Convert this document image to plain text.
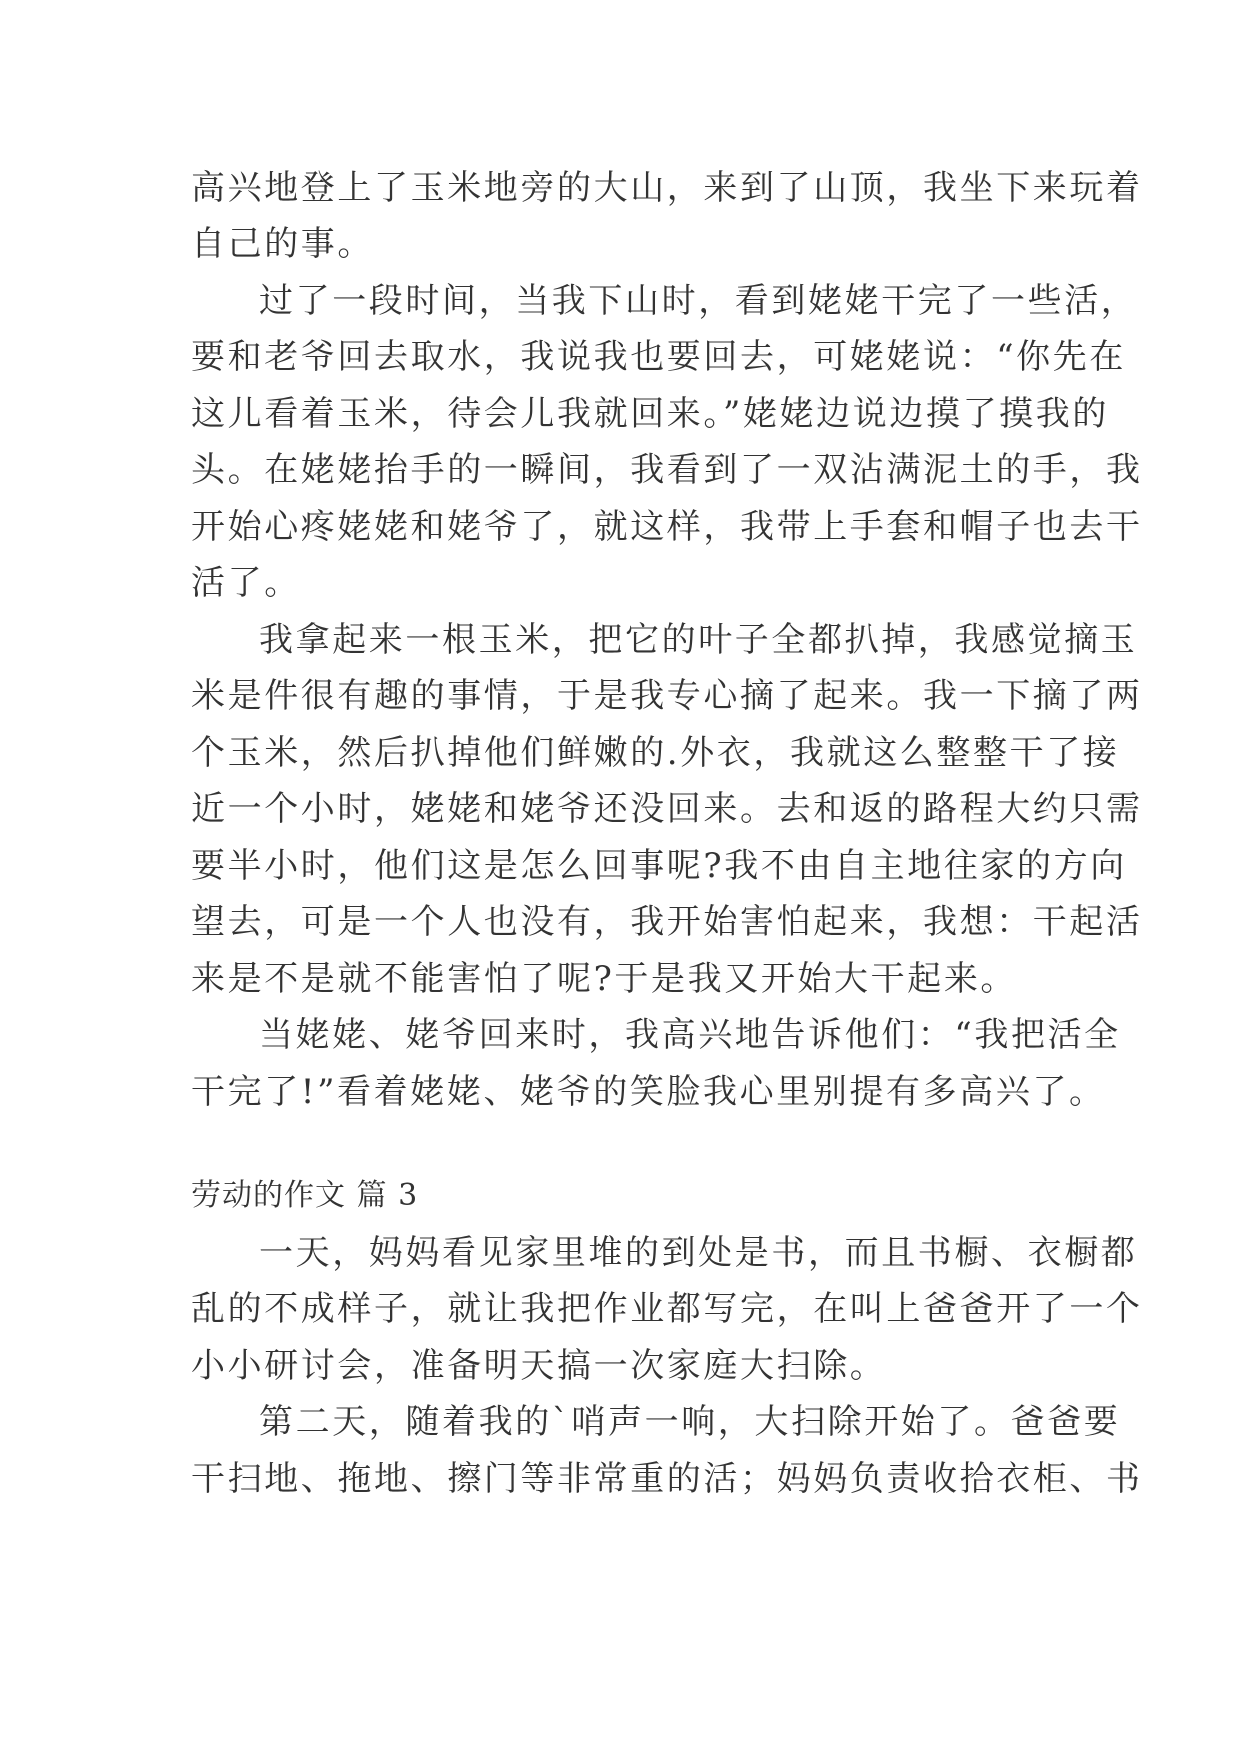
高兴地登上了玉米地旁的大山，来到了山顶，我坐下来玩着

自己的事。

过了一段时间，当我下山时，看到姥姥干完了一些活，

要和老爷回去取水，我说我也要回去，可姥姥说：“你先在

这儿看着玉米，待会儿我就回来。”姥姥边说边摸了摸我的

头。在姥姥抬手的一瞬间，我看到了一双沾满泥土的手，我

开始心疼姥姥和姥爷了，就这样，我带上手套和帽子也去干

活了。

我拿起来一根玉米，把它的叶子全都扒掉，我感觉摘玉

米是件很有趣的事情，于是我专心摘了起来。我一下摘了两

个玉米，然后扒掉他们鲜嫩的.外衣，我就这么整整干了接

近一个小时，姥姥和姥爷还没回来。去和返的路程大约只需

要半小时，他们这是怎么回事呢?我不由自主地往家的方向

望去，可是一个人也没有，我开始害怕起来，我想：干起活

来是不是就不能害怕了呢?于是我又开始大干起来。

当姥姥、姥爷回来时，我高兴地告诉他们：“我把活全

干完了!”看着姥姥、姥爷的笑脸我心里别提有多高兴了。

劳动的作文 篇 3

一天，妈妈看见家里堆的到处是书，而且书橱、衣橱都

乱的不成样子，就让我把作业都写完，在叫上爸爸开了一个

小小研讨会，准备明天搞一次家庭大扫除。

第二天，随着我的`哨声一响，大扫除开始了。爸爸要

干扫地、拖地、擦门等非常重的活；妈妈负责收拾衣柜、书
